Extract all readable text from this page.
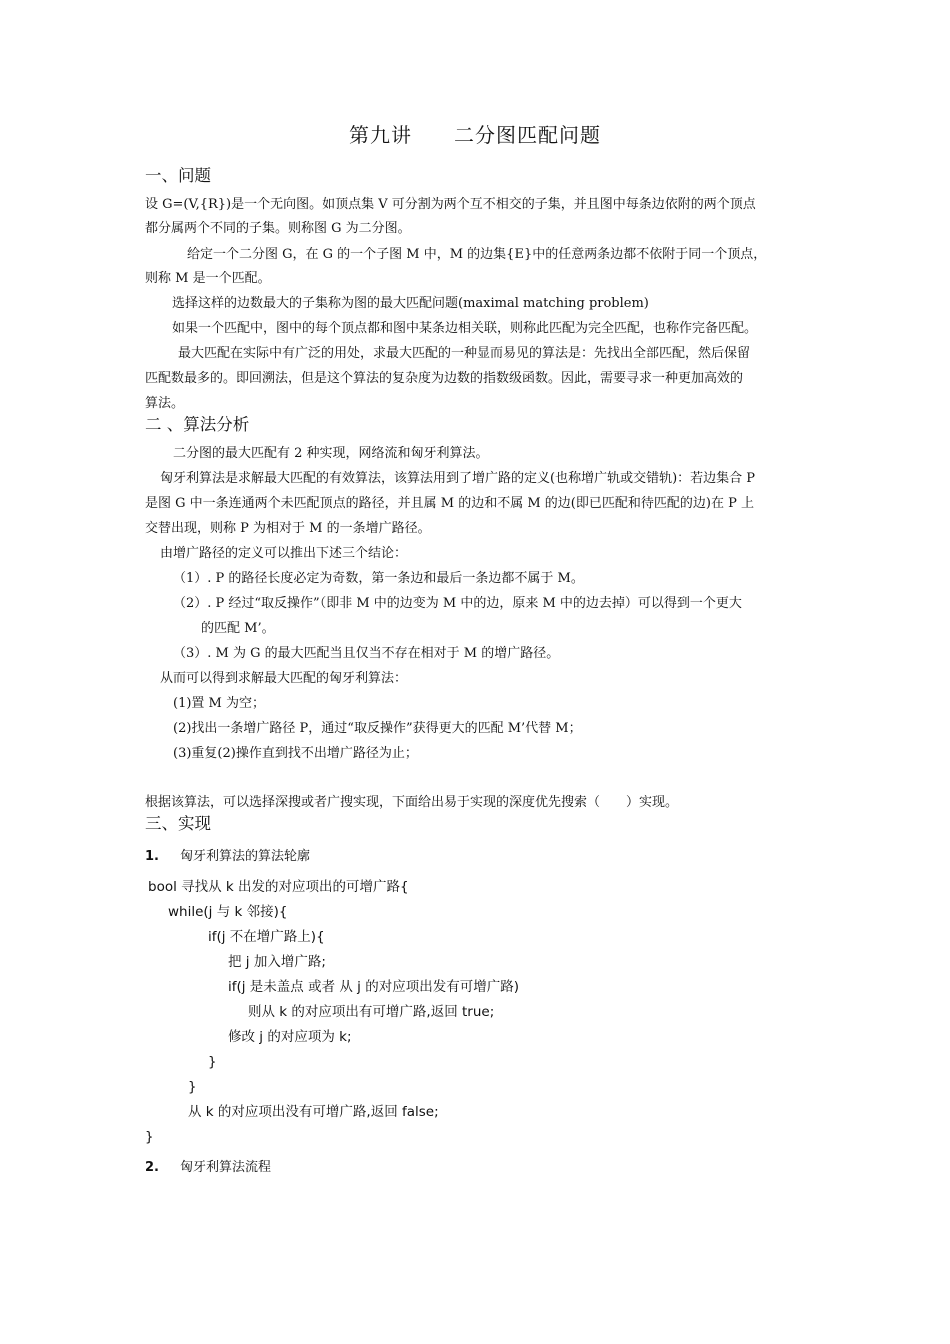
第九讲　　二分图匹配问题
一、问题
设 G=(V,{R})是一个无向图。如顶点集 V 可分割为两个互不相交的子集，并且图中每条边依附的两个顶点
都分属两个不同的子集。则称图 G 为二分图。
给定一个二分图 G，在 G 的一个子图 M 中，M 的边集{E}中的任意两条边都不依附于同一个顶点，
则称 M 是一个匹配。
选择这样的边数最大的子集称为图的最大匹配问题(maximal matching problem)
如果一个匹配中，图中的每个顶点都和图中某条边相关联，则称此匹配为完全匹配，也称作完备匹配。
最大匹配在实际中有广泛的用处，求最大匹配的一种显而易见的算法是：先找出全部匹配，然后保留
匹配数最多的。即回溯法，但是这个算法的复杂度为边数的指数级函数。因此，需要寻求一种更加高效的
算法。
二 、算法分析
二分图的最大匹配有 2 种实现，网络流和匈牙利算法。
匈牙利算法是求解最大匹配的有效算法，该算法用到了增广路的定义(也称增广轨或交错轨)：若边集合 P
是图 G 中一条连通两个未匹配顶点的路径，并且属 M 的边和不属 M 的边(即已匹配和待匹配的边)在 P 上
交替出现，则称 P 为相对于 M 的一条增广路径。
由增广路径的定义可以推出下述三个结论：
（1）. P 的路径长度必定为奇数，第一条边和最后一条边都不属于 M。
（2）. P 经过“取反操作”（即非 M 中的边变为 M 中的边，原来 M 中的边去掉）可以得到一个更大
的匹配 M’。
（3）. M 为 G 的最大匹配当且仅当不存在相对于 M 的增广路径。
从而可以得到求解最大匹配的匈牙利算法：
(1)置 M 为空；
(2)找出一条增广路径 P，通过“取反操作”获得更大的匹配 M’代替 M；
(3)重复(2)操作直到找不出增广路径为止；
根据该算法，可以选择深搜或者广搜实现，下面给出易于实现的深度优先搜索（　　）实现。
三、实现
1. 匈牙利算法的算法轮廓
bool 寻找从 k 出发的对应项出的可增广路{
while(j 与 k 邻接){
if(j 不在增广路上){
把 j 加入增广路;
if(j 是未盖点 或者 从 j 的对应项出发有可增广路)
则从 k 的对应项出有可增广路,返回 true;
修改 j 的对应项为 k;
}
}
从 k 的对应项出没有可增广路,返回 false;
}
2. 匈牙利算法流程
